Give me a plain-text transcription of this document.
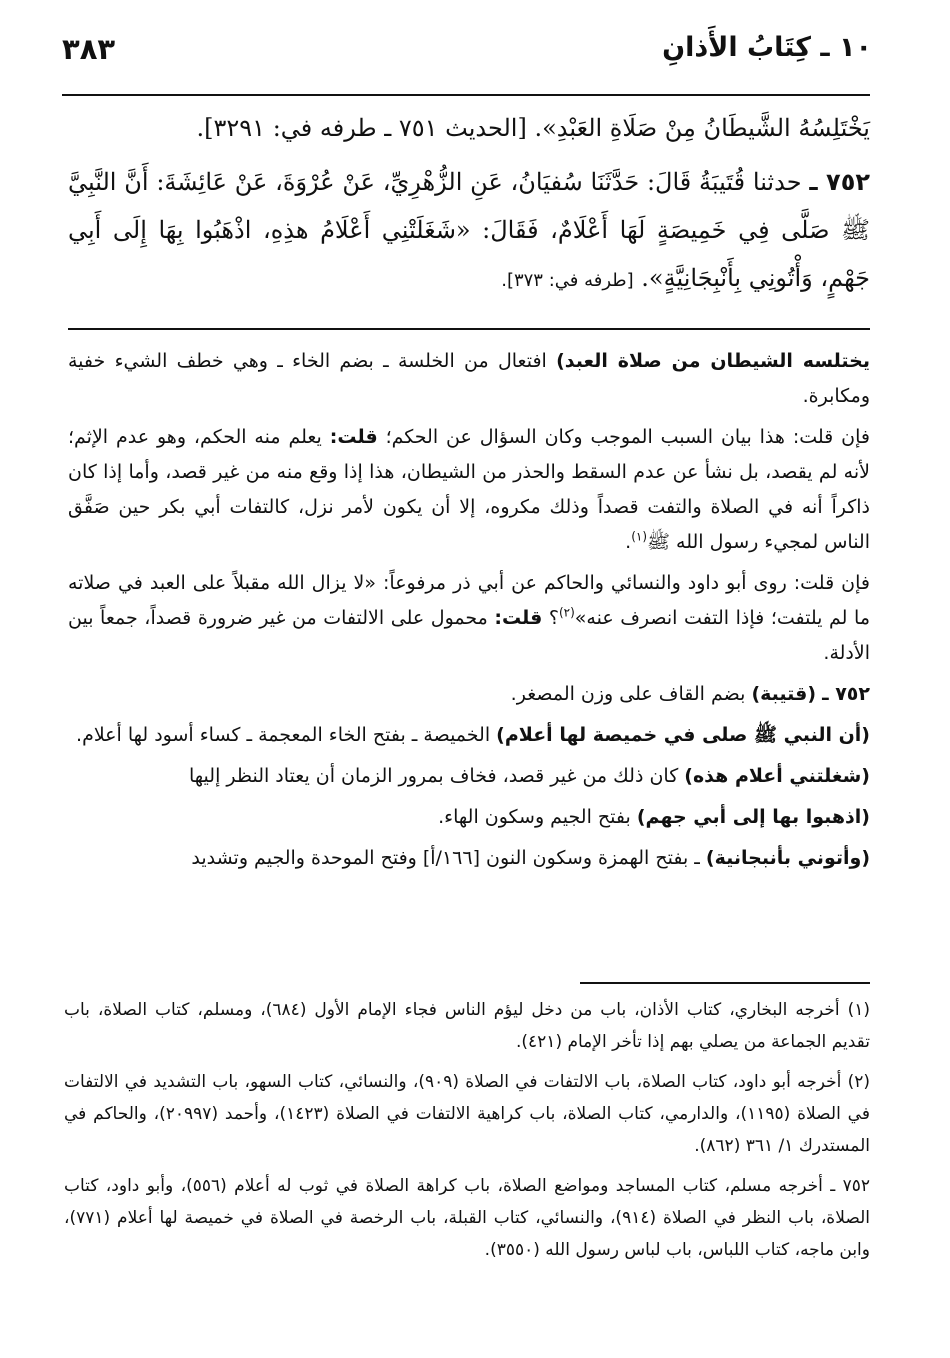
٣٨٣	١٠ ـ كِتَابُ الأَذانِ

يَخْتَلِسُهُ الشَّيطَانُ مِنْ صَلَاةِ العَبْدِ». [الحديث ٧٥١ ـ طرفه في: ٣٢٩١].

٧٥٢ ـ حدثنا قُتَيبَةُ قَالَ: حَدَّثَنَا سُفيَانُ، عَنِ الزُّهْرِيِّ، عَنْ عُرْوَةَ، عَنْ عَائِشَةَ: أَنَّ النَّبِيَّ ﷺ صَلَّى فِي خَمِيصَةٍ لَهَا أَعْلَامٌ، فَقَالَ: «شَغَلَتْنِي أَعْلَامُ هذِهِ، اذْهَبُوا بِهَا إِلَى أَبِي جَهْمٍ، وَأْتُونِي بِأَنْبِجَانِيَّةٍ». [طرفه في: ٣٧٣].

يختلسه الشيطان من صلاة العبد) افتعال من الخلسة ـ بضم الخاء ـ وهي خطف الشيء خفية ومكابرة.

فإن قلت: هذا بيان السبب الموجب وكان السؤال عن الحكم؛ قلت: يعلم منه الحكم، وهو عدم الإثم؛ لأنه لم يقصد، بل نشأ عن عدم السقط والحذر من الشيطان، هذا إذا وقع منه من غير قصد، وأما إذا كان ذاكراً أنه في الصلاة والتفت قصداً وذلك مكروه، إلا أن يكون لأمر نزل، كالتفات أبي بكر حين صَفَّق الناس لمجيء رسول الله ﷺ$^{(١)}$.

فإن قلت: روى أبو داود والنسائي والحاكم عن أبي ذر مرفوعاً: «لا يزال الله مقبلاً على العبد في صلاته ما لم يلتفت؛ فإذا التفت انصرف عنه»$^{(٢)}$؟ قلت: محمول على الالتفات من غير ضرورة قصداً، جمعاً بين الأدلة.

٧٥٢ ـ (قتيبة) بضم القاف على وزن المصغر.

(أن النبي ﷺ صلى في خميصة لها أعلام) الخميصة ـ بفتح الخاء المعجمة ـ كساء أسود لها أعلام.

(شغلتني أعلام هذه) كان ذلك من غير قصد، فخاف بمرور الزمان أن يعتاد النظر إليها

(اذهبوا بها إلى أبي جهم) بفتح الجيم وسكون الهاء.

(وأتوني بأنبجانية) ـ بفتح الهمزة وسكون النون [١٦٦/أ] وفتح الموحدة والجيم وتشديد

(١) أخرجه البخاري، كتاب الأذان، باب من دخل ليؤم الناس فجاء الإمام الأول (٦٨٤)، ومسلم، كتاب الصلاة، باب تقديم الجماعة من يصلي بهم إذا تأخر الإمام (٤٢١).

(٢) أخرجه أبو داود، كتاب الصلاة، باب الالتفات في الصلاة (٩٠٩)، والنسائي، كتاب السهو، باب التشديد في الالتفات في الصلاة (١١٩٥)، والدارمي، كتاب الصلاة، باب كراهية الالتفات في الصلاة (١٤٢٣)، وأحمد (٢٠٩٩٧)، والحاكم في المستدرك ١/ ٣٦١ (٨٦٢).

٧٥٢ ـ أخرجه مسلم، كتاب المساجد ومواضع الصلاة، باب كراهة الصلاة في ثوب له أعلام (٥٥٦)، وأبو داود، كتاب الصلاة، باب النظر في الصلاة (٩١٤)، والنسائي، كتاب القبلة، باب الرخصة في الصلاة في خميصة لها أعلام (٧٧١)، وابن ماجه، كتاب اللباس، باب لباس رسول الله (٣٥٥٠).
